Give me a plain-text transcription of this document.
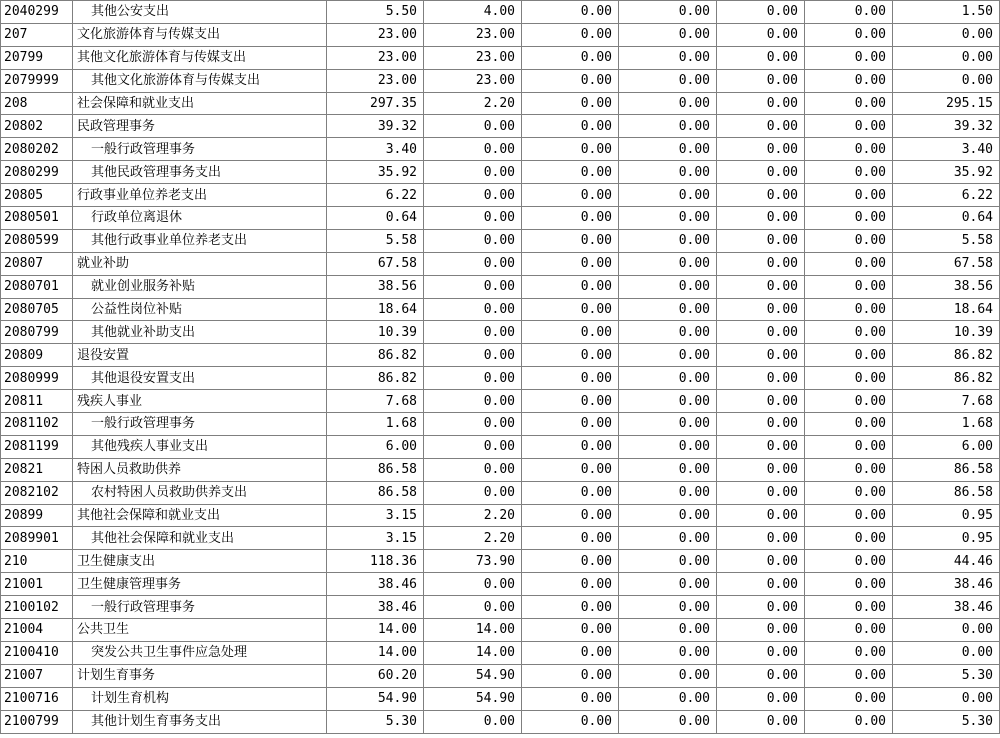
2040299	其他公安支出	5.50	4.00	0.00	0.00	0.00	0.00	1.50
207	文化旅游体育与传媒支出	23.00	23.00	0.00	0.00	0.00	0.00	0.00
20799	其他文化旅游体育与传媒支出	23.00	23.00	0.00	0.00	0.00	0.00	0.00
2079999	其他文化旅游体育与传媒支出	23.00	23.00	0.00	0.00	0.00	0.00	0.00
208	社会保障和就业支出	297.35	2.20	0.00	0.00	0.00	0.00	295.15
20802	民政管理事务	39.32	0.00	0.00	0.00	0.00	0.00	39.32
2080202	一般行政管理事务	3.40	0.00	0.00	0.00	0.00	0.00	3.40
2080299	其他民政管理事务支出	35.92	0.00	0.00	0.00	0.00	0.00	35.92
20805	行政事业单位养老支出	6.22	0.00	0.00	0.00	0.00	0.00	6.22
2080501	行政单位离退休	0.64	0.00	0.00	0.00	0.00	0.00	0.64
2080599	其他行政事业单位养老支出	5.58	0.00	0.00	0.00	0.00	0.00	5.58
20807	就业补助	67.58	0.00	0.00	0.00	0.00	0.00	67.58
2080701	就业创业服务补贴	38.56	0.00	0.00	0.00	0.00	0.00	38.56
2080705	公益性岗位补贴	18.64	0.00	0.00	0.00	0.00	0.00	18.64
2080799	其他就业补助支出	10.39	0.00	0.00	0.00	0.00	0.00	10.39
20809	退役安置	86.82	0.00	0.00	0.00	0.00	0.00	86.82
2080999	其他退役安置支出	86.82	0.00	0.00	0.00	0.00	0.00	86.82
20811	残疾人事业	7.68	0.00	0.00	0.00	0.00	0.00	7.68
2081102	一般行政管理事务	1.68	0.00	0.00	0.00	0.00	0.00	1.68
2081199	其他残疾人事业支出	6.00	0.00	0.00	0.00	0.00	0.00	6.00
20821	特困人员救助供养	86.58	0.00	0.00	0.00	0.00	0.00	86.58
2082102	农村特困人员救助供养支出	86.58	0.00	0.00	0.00	0.00	0.00	86.58
20899	其他社会保障和就业支出	3.15	2.20	0.00	0.00	0.00	0.00	0.95
2089901	其他社会保障和就业支出	3.15	2.20	0.00	0.00	0.00	0.00	0.95
210	卫生健康支出	118.36	73.90	0.00	0.00	0.00	0.00	44.46
21001	卫生健康管理事务	38.46	0.00	0.00	0.00	0.00	0.00	38.46
2100102	一般行政管理事务	38.46	0.00	0.00	0.00	0.00	0.00	38.46
21004	公共卫生	14.00	14.00	0.00	0.00	0.00	0.00	0.00
2100410	突发公共卫生事件应急处理	14.00	14.00	0.00	0.00	0.00	0.00	0.00
21007	计划生育事务	60.20	54.90	0.00	0.00	0.00	0.00	5.30
2100716	计划生育机构	54.90	54.90	0.00	0.00	0.00	0.00	0.00
2100799	其他计划生育事务支出	5.30	0.00	0.00	0.00	0.00	0.00	5.30
